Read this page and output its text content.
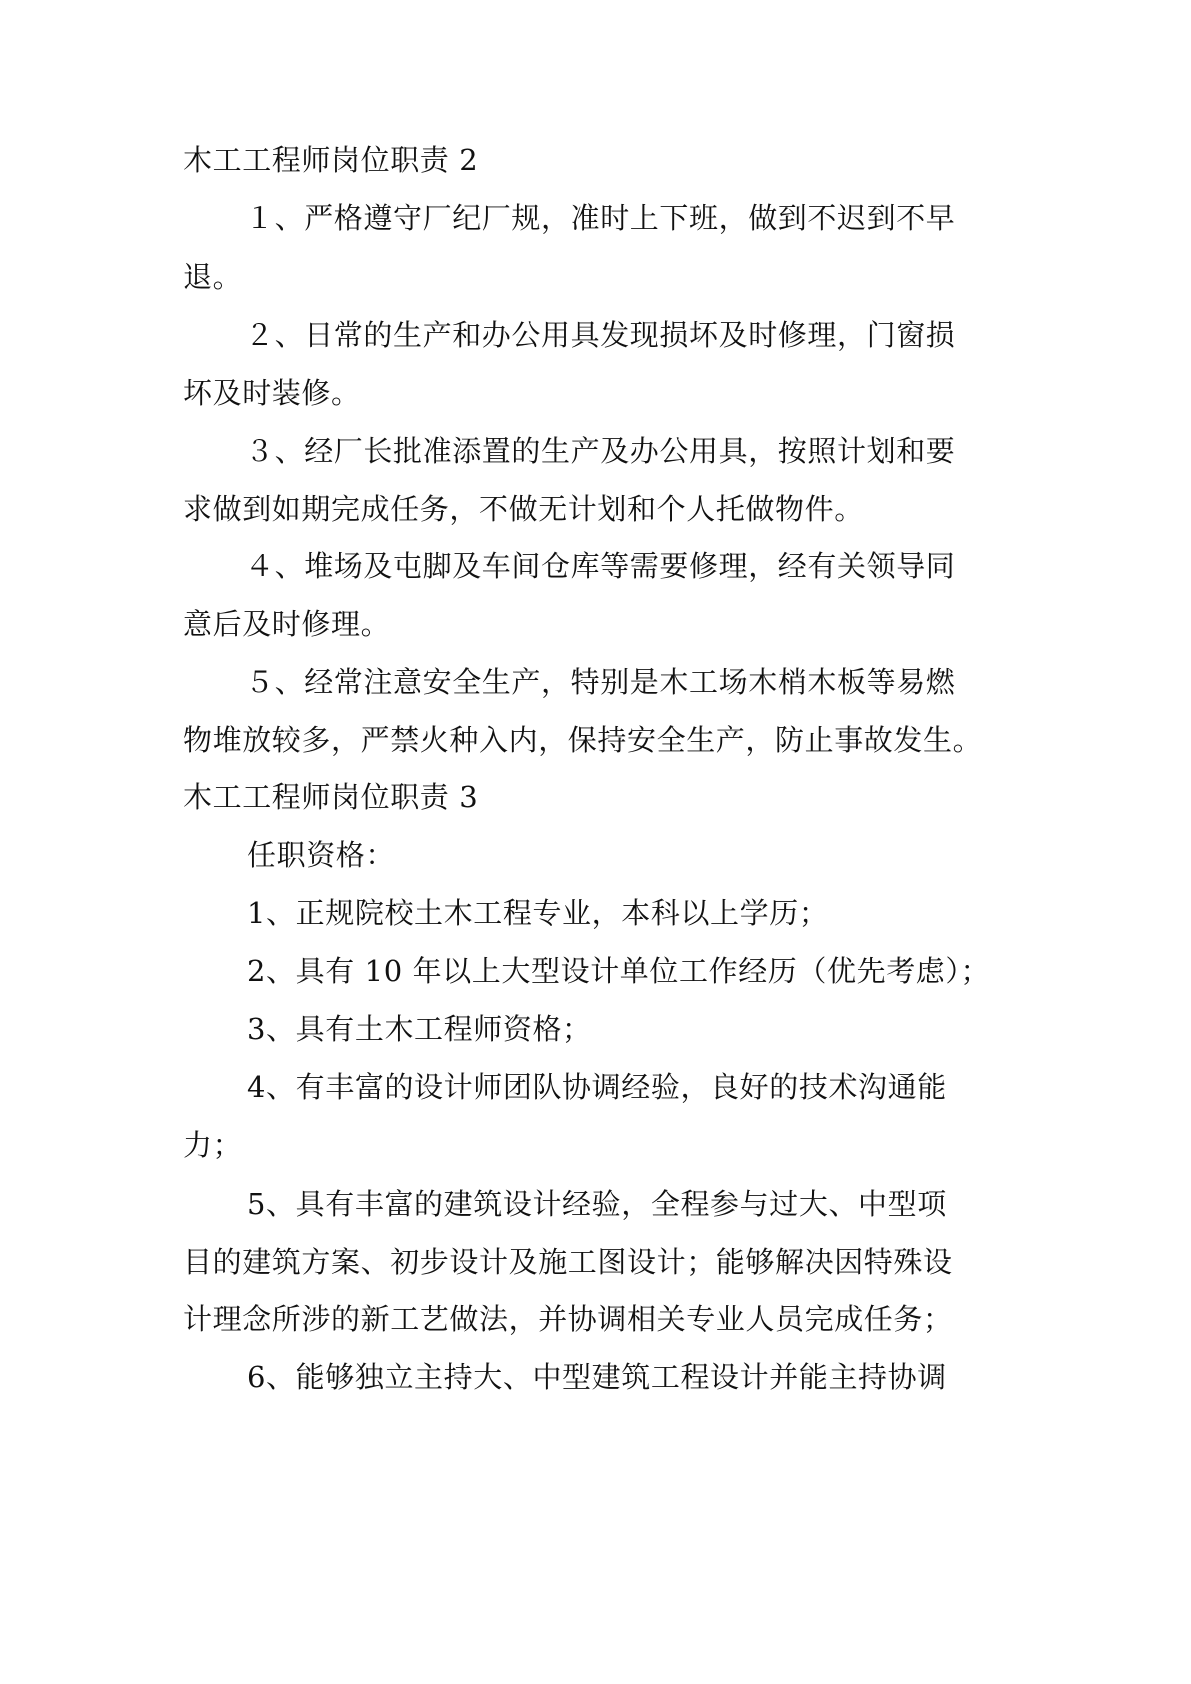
木工工程师岗位职责 2
１、严格遵守厂纪厂规，准时上下班，做到不迟到不早
退。
２、日常的生产和办公用具发现损坏及时修理，门窗损
坏及时装修。
３、经厂长批准添置的生产及办公用具，按照计划和要
求做到如期完成任务，不做无计划和个人托做物件。
４、堆场及屯脚及车间仓库等需要修理，经有关领导同
意后及时修理。
５、经常注意安全生产，特别是木工场木梢木板等易燃
物堆放较多，严禁火种入内，保持安全生产，防止事故发生。
木工工程师岗位职责 3
任职资格：
1、正规院校土木工程专业，本科以上学历；
2、具有 10 年以上大型设计单位工作经历（优先考虑）；
3、具有土木工程师资格；
4、有丰富的设计师团队协调经验，良好的技术沟通能
力；
5、具有丰富的建筑设计经验，全程参与过大、中型项
目的建筑方案、初步设计及施工图设计；能够解决因特殊设
计理念所涉的新工艺做法，并协调相关专业人员完成任务；
6、能够独立主持大、中型建筑工程设计并能主持协调
